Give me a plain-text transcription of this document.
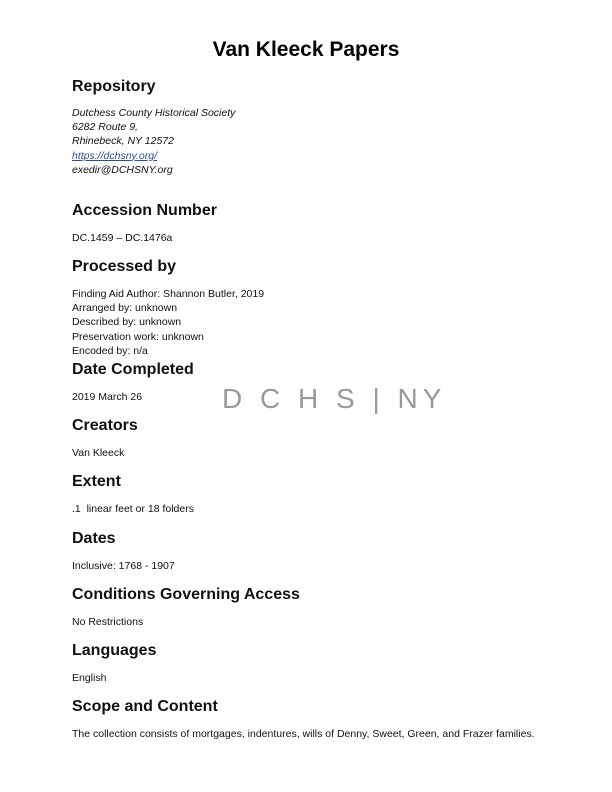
Van Kleeck Papers
Repository

Dutchess County Historical Society

6282 Route 9,

Rhinebeck, NY 12572

https://dchsny.org/

exedir@DCHSNY.org

Accession Number

DC.1459 – DC.1476a

Processed by

Finding Aid Author: Shannon Butler, 2019

Arranged by: unknown

Described by: unknown

Preservation work: unknown

Encoded by: n/a

Date Completed

2019 March 26	D C H S | NY
Creators

Van Kleeck

Extent

.1  linear feet or 18 folders

Dates

Inclusive: 1768 - 1907

Conditions Governing Access

No Restrictions

Languages

English

Scope and Content

The collection consists of mortgages, indentures, wills of Denny, Sweet, Green, and Frazer families.
